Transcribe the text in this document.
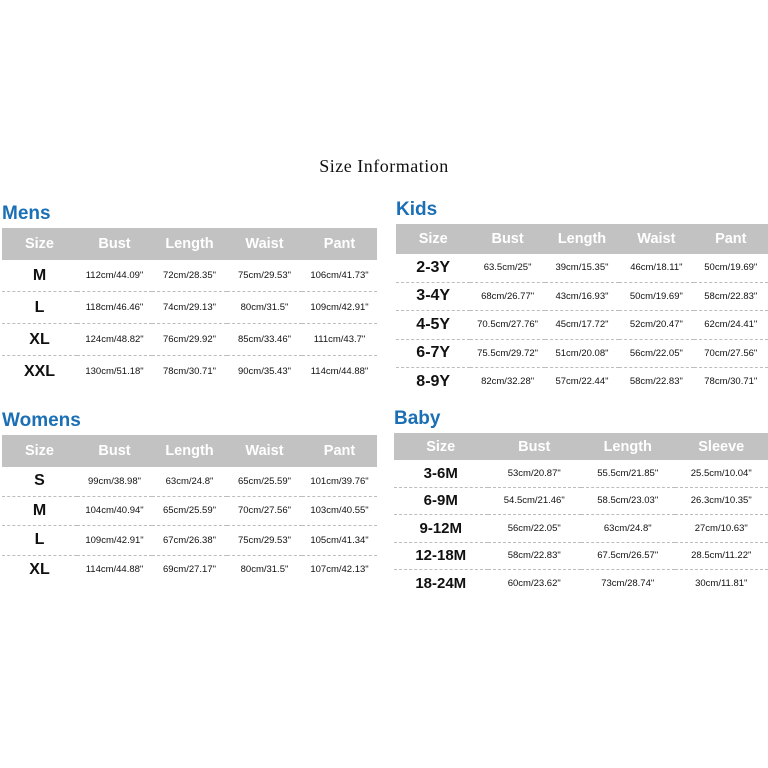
Size Information
Mens
Size	Bust	Length	Waist	Pant
M	112cm/44.09"	72cm/28.35"	75cm/29.53"	106cm/41.73"
L	118cm/46.46"	74cm/29.13"	80cm/31.5"	109cm/42.91"
XL	124cm/48.82"	76cm/29.92"	85cm/33.46"	111cm/43.7"
XXL	130cm/51.18"	78cm/30.71"	90cm/35.43"	114cm/44.88"
Kids
Size	Bust	Length	Waist	Pant
2-3Y	63.5cm/25"	39cm/15.35"	46cm/18.11"	50cm/19.69"
3-4Y	68cm/26.77"	43cm/16.93"	50cm/19.69"	58cm/22.83"
4-5Y	70.5cm/27.76"	45cm/17.72"	52cm/20.47"	62cm/24.41"
6-7Y	75.5cm/29.72"	51cm/20.08"	56cm/22.05"	70cm/27.56"
8-9Y	82cm/32.28"	57cm/22.44"	58cm/22.83"	78cm/30.71"
Womens
Size	Bust	Length	Waist	Pant
S	99cm/38.98"	63cm/24.8"	65cm/25.59"	101cm/39.76"
M	104cm/40.94"	65cm/25.59"	70cm/27.56"	103cm/40.55"
L	109cm/42.91"	67cm/26.38"	75cm/29.53"	105cm/41.34"
XL	114cm/44.88"	69cm/27.17"	80cm/31.5"	107cm/42.13"
Baby
Size	Bust	Length	Sleeve
3-6M	53cm/20.87"	55.5cm/21.85"	25.5cm/10.04"
6-9M	54.5cm/21.46"	58.5cm/23.03"	26.3cm/10.35"
9-12M	56cm/22.05"	63cm/24.8"	27cm/10.63"
12-18M	58cm/22.83"	67.5cm/26.57"	28.5cm/11.22"
18-24M	60cm/23.62"	73cm/28.74"	30cm/11.81"
